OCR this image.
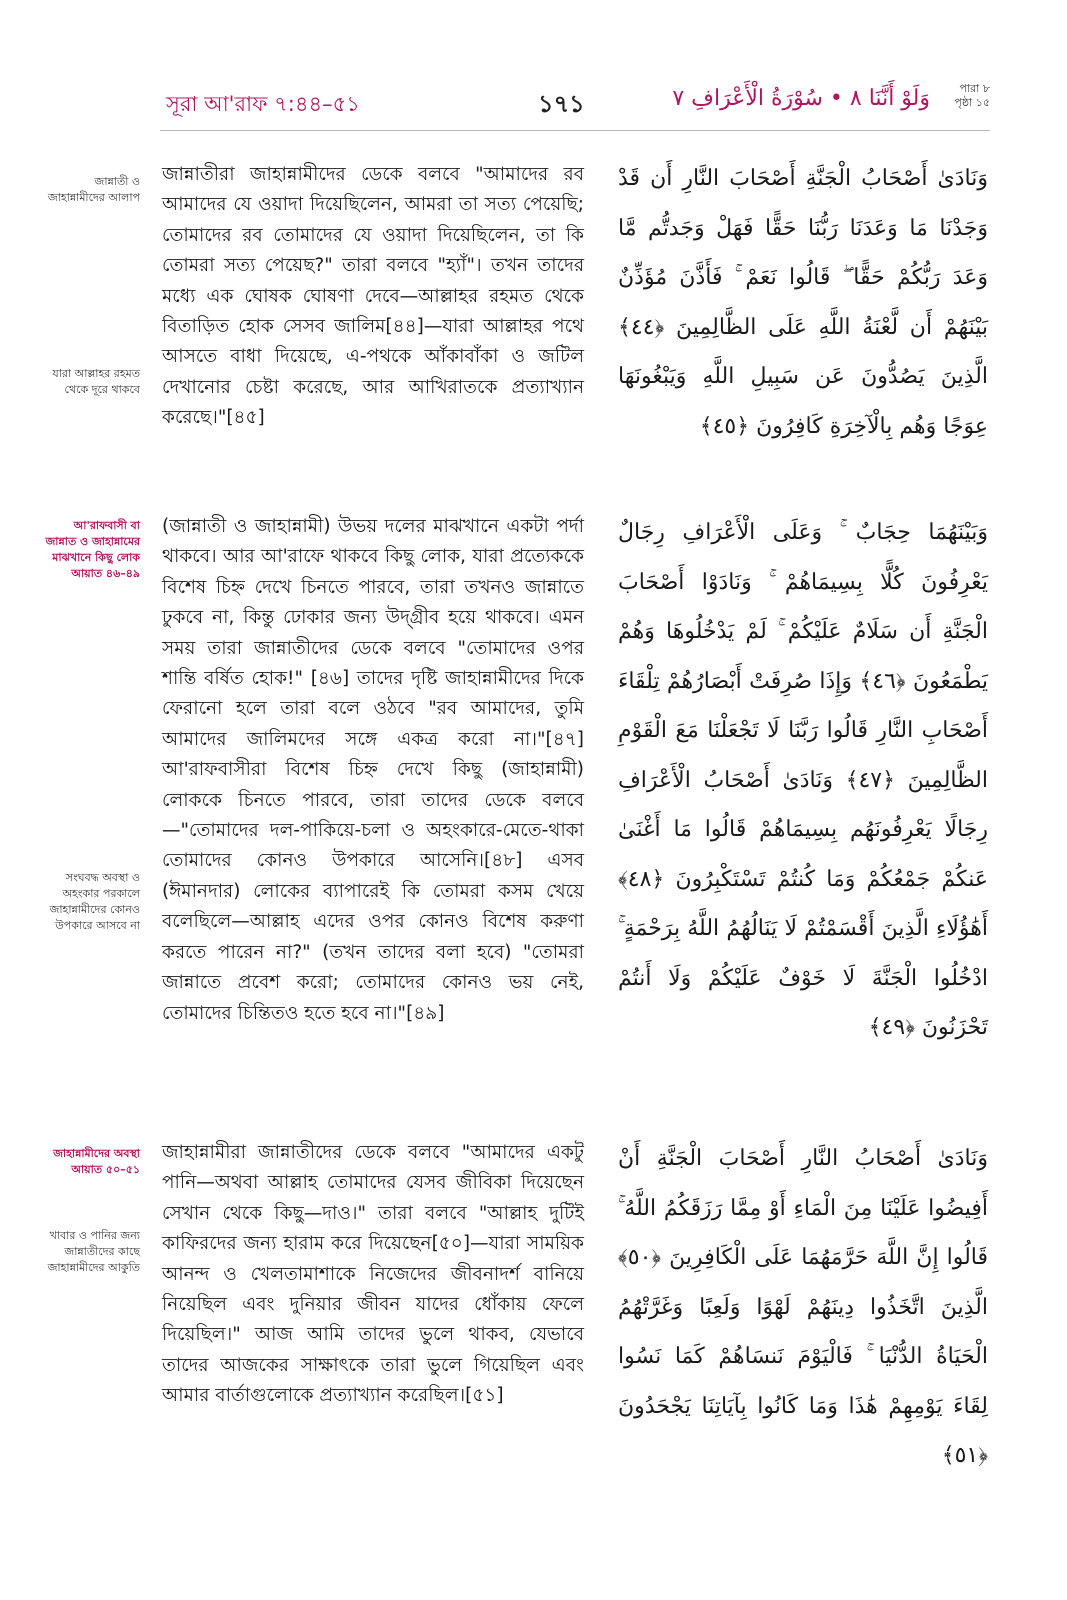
সূরা আ'রাফ ৭:৪৪–৫১	১৭১	وَلَوْ أَنَّنَا ٨ • سُوْرَةُ الْأَعْرَافِ ٧	পারা ৮
পৃষ্ঠা ১৫
জান্নাতী ও জাহান্নামীদের আলাপ
যারা আল্লাহর রহমত থেকে দূরে থাকবে
জান্নাতীরা জাহান্নামীদের ডেকে বলবে "আমাদের রব আমাদের যে ওয়াদা দিয়েছিলেন, আমরা তা সত্য পেয়েছি; তোমাদের রব তোমাদের যে ওয়াদা দিয়েছিলেন, তা কি তোমরা সত্য পেয়েছ?" তারা বলবে "হ্যাঁ"। তখন তাদের মধ্যে এক ঘোষক ঘোষণা দেবে—আল্লাহর রহমত থেকে বিতাড়িত হোক সেসব জালিম[৪৪]—যারা আল্লাহর পথে আসতে বাধা দিয়েছে, এ-পথকে আঁকাবাঁকা ও জটিল দেখানোর চেষ্টা করেছে, আর আখিরাতকে প্রত্যাখ্যান করেছে।"[৪৫]
وَنَادَىٰ أَصْحَابُ الْجَنَّةِ أَصْحَابَ النَّارِ أَن قَدْ وَجَدْنَا مَا وَعَدَنَا رَبُّنَا حَقًّا فَهَلْ وَجَدتُّم مَّا وَعَدَ رَبُّكُمْ حَقًّا ۖ قَالُوا نَعَمْ ۚ فَأَذَّنَ مُؤَذِّنٌ بَيْنَهُمْ أَن لَّعْنَةُ اللَّهِ عَلَى الظَّالِمِينَ ﴿٤٤﴾ الَّذِينَ يَصُدُّونَ عَن سَبِيلِ اللَّهِ وَيَبْغُونَهَا عِوَجًا وَهُم بِالْآخِرَةِ كَافِرُونَ ﴿٤٥﴾
আ'রাফবাসী বা জান্নাত ও জাহান্নামের মাঝখানে কিছু লোক আয়াত ৪৬–৪৯
সংঘবদ্ধ অবস্থা ও অহংকার পরকালে জাহান্নামীদের কোনও উপকারে আসবে না
(জান্নাতী ও জাহান্নামী) উভয় দলের মাঝখানে একটা পর্দা থাকবে। আর আ'রাফে থাকবে কিছু লোক, যারা প্রত্যেককে বিশেষ চিহ্ন দেখে চিনতে পারবে, তারা তখনও জান্নাতে ঢুকবে না, কিন্তু ঢোকার জন্য উদ্গ্রীব হয়ে থাকবে। এমন সময় তারা জান্নাতীদের ডেকে বলবে "তোমাদের ওপর শান্তি বর্ষিত হোক!" [৪৬] তাদের দৃষ্টি জাহান্নামীদের দিকে ফেরানো হলে তারা বলে ওঠবে "রব আমাদের, তুমি আমাদের জালিমদের সঙ্গে একত্র করো না।"[৪৭] আ'রাফবাসীরা বিশেষ চিহ্ন দেখে কিছু (জাহান্নামী) লোককে চিনতে পারবে, তারা তাদের ডেকে বলবে—"তোমাদের দল-পাকিয়ে-চলা ও অহংকারে-মেতে-থাকা তোমাদের কোনও উপকারে আসেনি।[৪৮] এসব (ঈমানদার) লোকের ব্যাপারেই কি তোমরা কসম খেয়ে বলেছিলে—আল্লাহ এদের ওপর কোনও বিশেষ করুণা করতে পারেন না?" (তখন তাদের বলা হবে) "তোমরা জান্নাতে প্রবেশ করো; তোমাদের কোনও ভয় নেই, তোমাদের চিন্তিতও হতে হবে না।"[৪৯]
وَبَيْنَهُمَا حِجَابٌ ۚ وَعَلَى الْأَعْرَافِ رِجَالٌ يَعْرِفُونَ كُلًّا بِسِيمَاهُمْ ۚ وَنَادَوْا أَصْحَابَ الْجَنَّةِ أَن سَلَامٌ عَلَيْكُمْ ۚ لَمْ يَدْخُلُوهَا وَهُمْ يَطْمَعُونَ ﴿٤٦﴾ وَإِذَا صُرِفَتْ أَبْصَارُهُمْ تِلْقَاءَ أَصْحَابِ النَّارِ قَالُوا رَبَّنَا لَا تَجْعَلْنَا مَعَ الْقَوْمِ الظَّالِمِينَ ﴿٤٧﴾ وَنَادَىٰ أَصْحَابُ الْأَعْرَافِ رِجَالًا يَعْرِفُونَهُم بِسِيمَاهُمْ قَالُوا مَا أَغْنَىٰ عَنكُمْ جَمْعُكُمْ وَمَا كُنتُمْ تَسْتَكْبِرُونَ ﴿٤٨﴾ أَهَٰؤُلَاءِ الَّذِينَ أَقْسَمْتُمْ لَا يَنَالُهُمُ اللَّهُ بِرَحْمَةٍ ۚ ادْخُلُوا الْجَنَّةَ لَا خَوْفٌ عَلَيْكُمْ وَلَا أَنتُمْ تَحْزَنُونَ ﴿٤٩﴾
জাহান্নামীদের অবস্থা আয়াত ৫০–৫১
খাবার ও পানির জন্য জান্নাতীদের কাছে জাহান্নামীদের আকুতি
জাহান্নামীরা জান্নাতীদের ডেকে বলবে "আমাদের একটু পানি—অথবা আল্লাহ তোমাদের যেসব জীবিকা দিয়েছেন সেখান থেকে কিছু—দাও।" তারা বলবে "আল্লাহ দুটিই কাফিরদের জন্য হারাম করে দিয়েছেন[৫০]—যারা সাময়িক আনন্দ ও খেলতামাশাকে নিজেদের জীবনাদর্শ বানিয়ে নিয়েছিল এবং দুনিয়ার জীবন যাদের ধোঁকায় ফেলে দিয়েছিল।" আজ আমি তাদের ভুলে থাকব, যেভাবে তাদের আজকের সাক্ষাৎকে তারা ভুলে গিয়েছিল এবং আমার বার্তাগুলোকে প্রত্যাখ্যান করেছিল।[৫১]
وَنَادَىٰ أَصْحَابُ النَّارِ أَصْحَابَ الْجَنَّةِ أَنْ أَفِيضُوا عَلَيْنَا مِنَ الْمَاءِ أَوْ مِمَّا رَزَقَكُمُ اللَّهُ ۚ قَالُوا إِنَّ اللَّهَ حَرَّمَهُمَا عَلَى الْكَافِرِينَ ﴿٥٠﴾ الَّذِينَ اتَّخَذُوا دِينَهُمْ لَهْوًا وَلَعِبًا وَغَرَّتْهُمُ الْحَيَاةُ الدُّنْيَا ۚ فَالْيَوْمَ نَنسَاهُمْ كَمَا نَسُوا لِقَاءَ يَوْمِهِمْ هَٰذَا وَمَا كَانُوا بِآيَاتِنَا يَجْحَدُونَ ﴿٥١﴾
